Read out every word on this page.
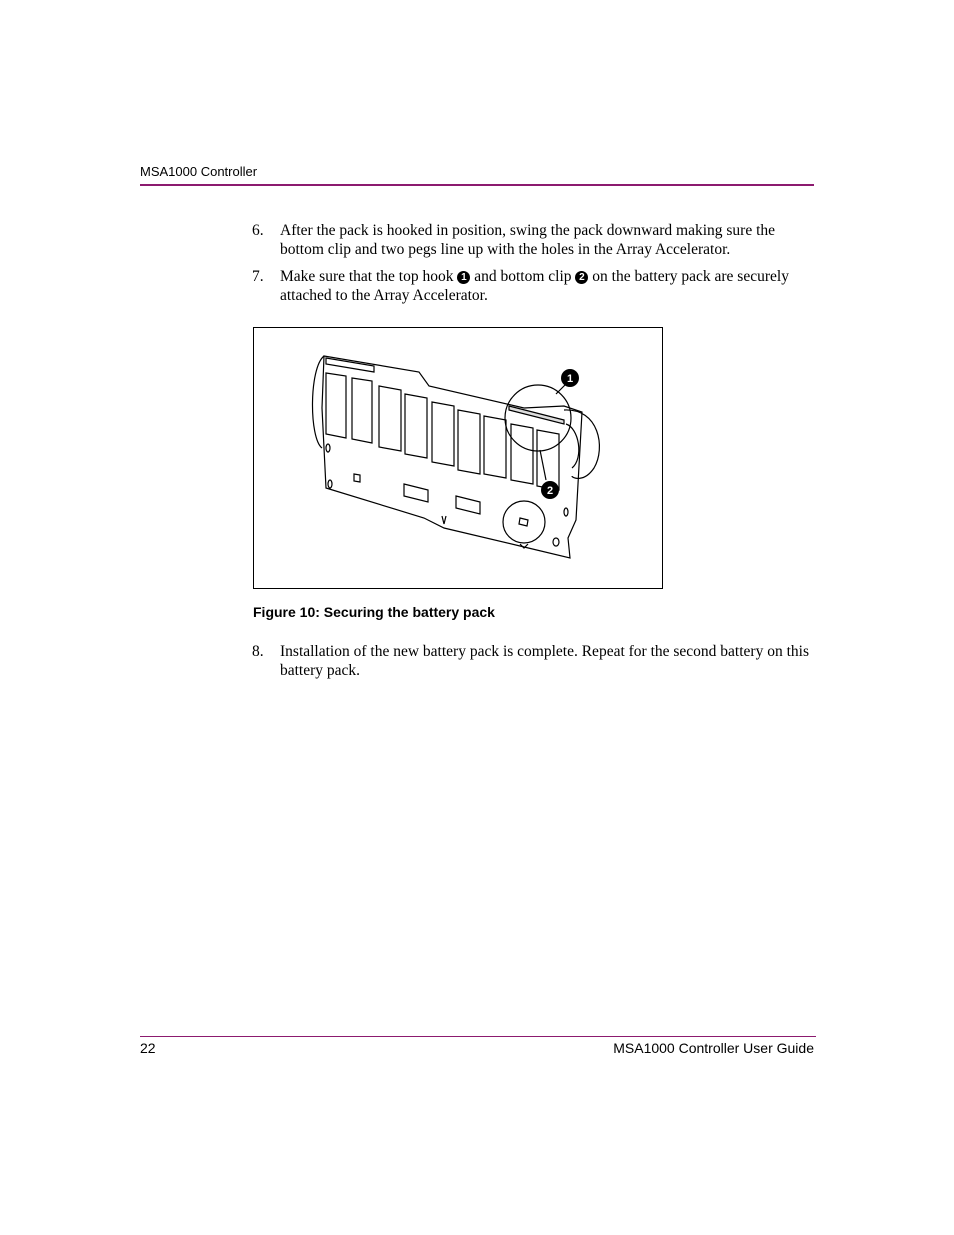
MSA1000 Controller
6. After the pack is hooked in position, swing the pack downward making sure the bottom clip and two pegs line up with the holes in the Array Accelerator.
7. Make sure that the top hook 1 and bottom clip 2 on the battery pack are securely attached to the Array Accelerator.
1
2
Figure 10: Securing the battery pack
8. Installation of the new battery pack is complete. Repeat for the second battery on this battery pack.
22	MSA1000 Controller User Guide
